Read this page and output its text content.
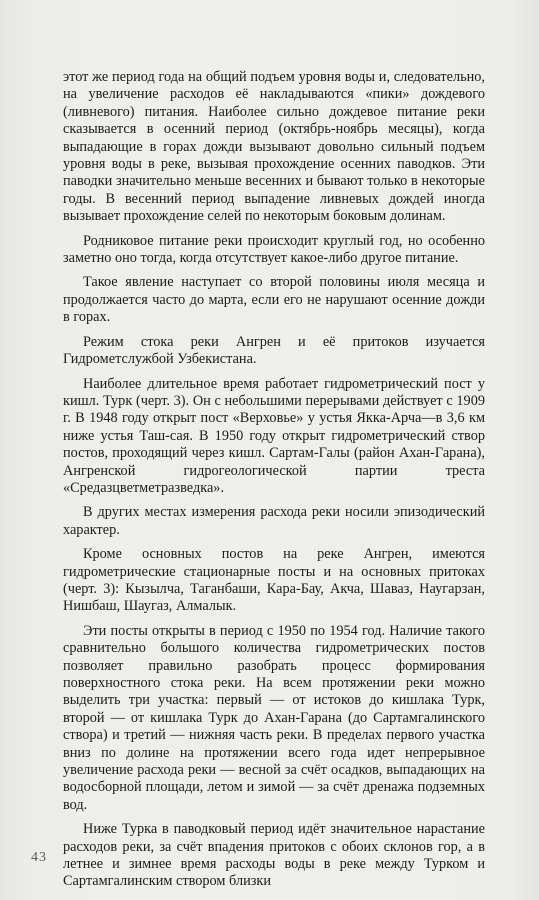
этот же период года на общий подъем уровня воды и, следовательно, на увеличение расходов её накладываются «пики» дождевого (ливневого) питания. Наиболее сильно дождевое питание реки сказывается в осенний период (октябрь-ноябрь месяцы), когда выпадающие в горах дожди вызывают довольно сильный подъем уровня воды в реке, вызывая прохождение осенних паводков. Эти паводки значительно меньше весенних и бывают только в некоторые годы. В весенний период выпадение ливневых дождей иногда вызывает прохождение селей по некоторым боковым долинам.

Родниковое питание реки происходит круглый год, но особенно заметно оно тогда, когда отсутствует какое-либо другое питание.

Такое явление наступает со второй половины июля месяца и продолжается часто до марта, если его не нарушают осенние дожди в горах.

Режим стока реки Ангрен и её притоков изучается Гидрометслужбой Узбекистана.

Наиболее длительное время работает гидрометрический пост у кишл. Турк (черт. 3). Он с небольшими перерывами действует с 1909 г. В 1948 году открыт пост «Верховье» у устья Якка-Арча—в 3,6 км ниже устья Таш-сая. В 1950 году открыт гидрометрический створ постов, проходящий через кишл. Сартам-Галы (район Ахан-Гарана), Ангренской гидрогеологической партии треста «Средазцветметразведка».

В других местах измерения расхода реки носили эпизодический характер.

Кроме основных постов на реке Ангрен, имеются гидрометрические стационарные посты и на основных притоках (черт. 3): Кызылча, Таганбаши, Кара-Бау, Акча, Шаваз, Наугарзан, Нишбаш, Шаугаз, Алмалык.

Эти посты открыты в период с 1950 по 1954 год. Наличие такого сравнительно большого количества гидрометрических постов позволяет правильно разобрать процесс формирования поверхностного стока реки. На всем протяжении реки можно выделить три участка: первый — от истоков до кишлака Турк, второй — от кишлака Турк до Ахан-Гарана (до Сартамгалинского створа) и третий — нижняя часть реки. В пределах первого участка вниз по долине на протяжении всего года идет непрерывное увеличение расхода реки — весной за счёт осадков, выпадающих на водосборной площади, летом и зимой — за счёт дренажа подземных вод.

Ниже Турка в паводковый период идёт значительное нарастание расходов реки, за счёт впадения притоков с обоих склонов гор, а в летнее и зимнее время расходы воды в реке между Турком и Сартамгалинским створом близки

43
